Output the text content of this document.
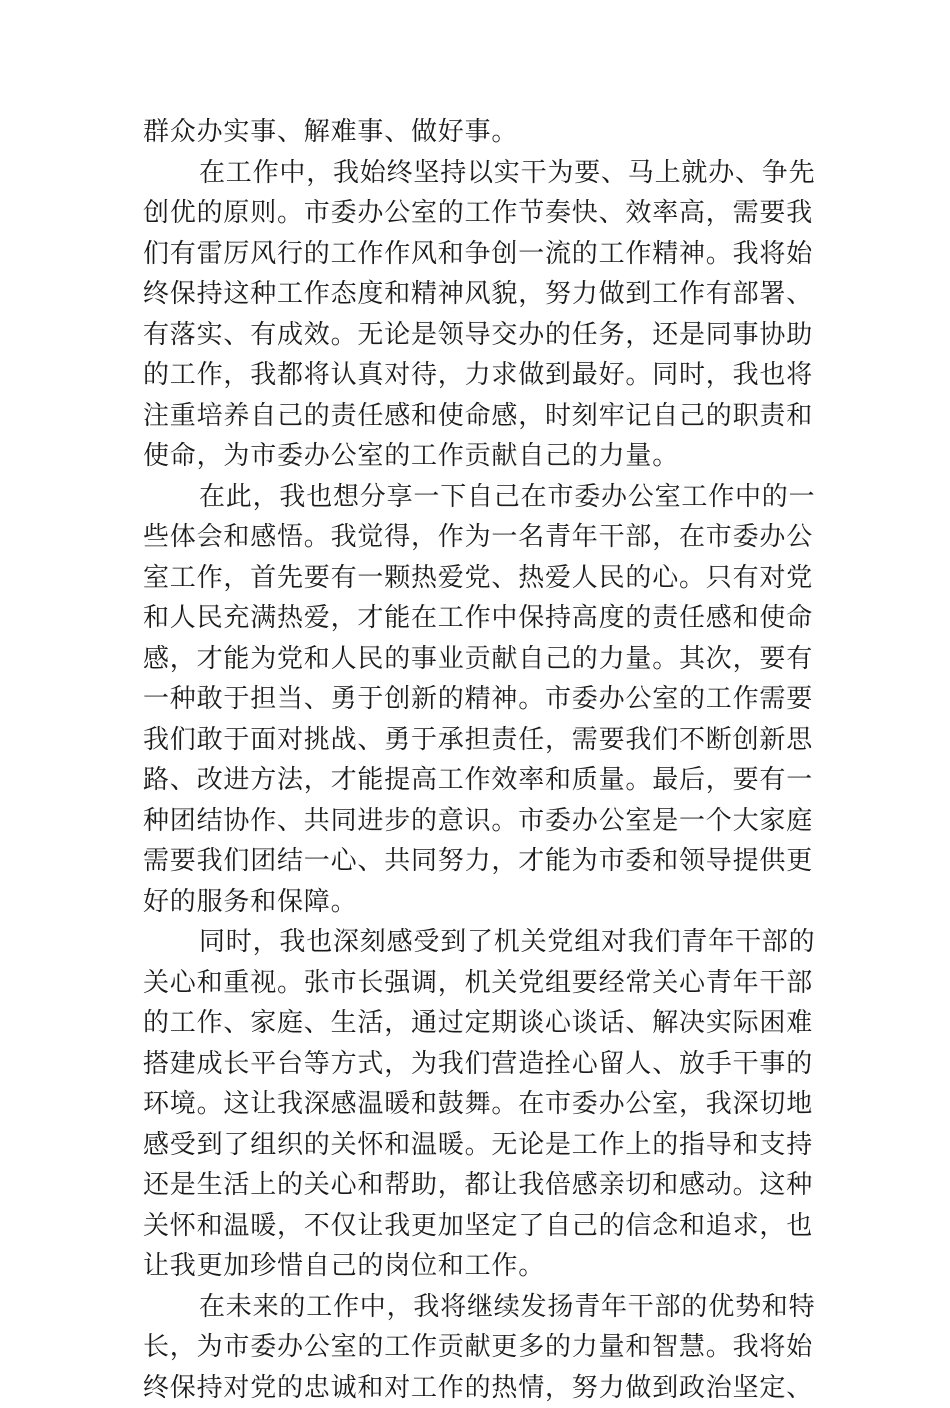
群众办实事、解难事、做好事。
在工作中，我始终坚持以实干为要、马上就办、争先
创优的原则。市委办公室的工作节奏快、效率高，需要我
们有雷厉风行的工作作风和争创一流的工作精神。我将始
终保持这种工作态度和精神风貌，努力做到工作有部署、
有落实、有成效。无论是领导交办的任务，还是同事协助
的工作，我都将认真对待，力求做到最好。同时，我也将
注重培养自己的责任感和使命感，时刻牢记自己的职责和
使命，为市委办公室的工作贡献自己的力量。
在此，我也想分享一下自己在市委办公室工作中的一
些体会和感悟。我觉得，作为一名青年干部，在市委办公
室工作，首先要有一颗热爱党、热爱人民的心。只有对党
和人民充满热爱，才能在工作中保持高度的责任感和使命
感，才能为党和人民的事业贡献自己的力量。其次，要有
一种敢于担当、勇于创新的精神。市委办公室的工作需要
我们敢于面对挑战、勇于承担责任，需要我们不断创新思
路、改进方法，才能提高工作效率和质量。最后，要有一
种团结协作、共同进步的意识。市委办公室是一个大家庭
需要我们团结一心、共同努力，才能为市委和领导提供更
好的服务和保障。
同时，我也深刻感受到了机关党组对我们青年干部的
关心和重视。张市长强调，机关党组要经常关心青年干部
的工作、家庭、生活，通过定期谈心谈话、解决实际困难
搭建成长平台等方式，为我们营造拴心留人、放手干事的
环境。这让我深感温暖和鼓舞。在市委办公室，我深切地
感受到了组织的关怀和温暖。无论是工作上的指导和支持
还是生活上的关心和帮助，都让我倍感亲切和感动。这种
关怀和温暖，不仅让我更加坚定了自己的信念和追求，也
让我更加珍惜自己的岗位和工作。
在未来的工作中，我将继续发扬青年干部的优势和特
长，为市委办公室的工作贡献更多的力量和智慧。我将始
终保持对党的忠诚和对工作的热情，努力做到政治坚定、
